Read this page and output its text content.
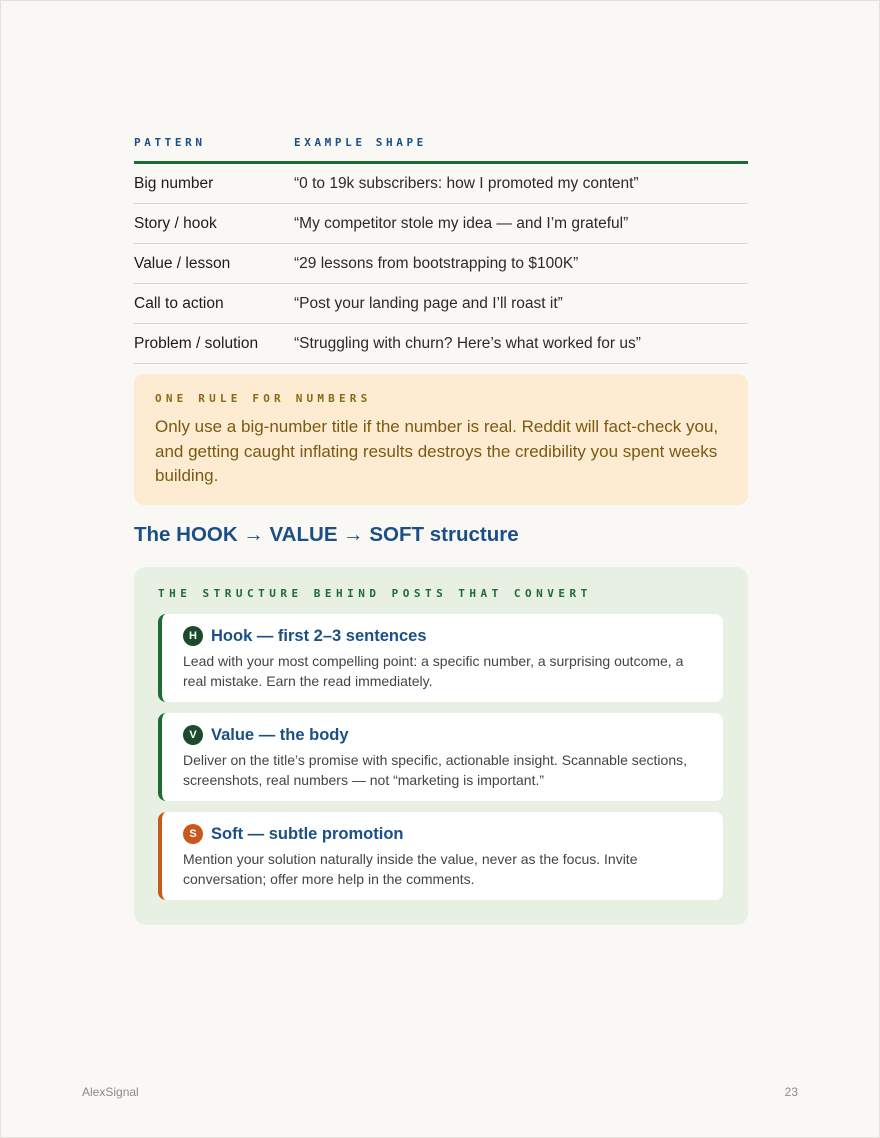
PATTERN	EXAMPLE SHAPE
Big number	“0 to 19k subscribers: how I promoted my content”
Story / hook	“My competitor stole my idea — and I’m grateful”
Value / lesson	“29 lessons from bootstrapping to $100K”
Call to action	“Post your landing page and I’ll roast it”
Problem / solution	“Struggling with churn? Here’s what worked for us”
ONE RULE FOR NUMBERS
Only use a big-number title if the number is real. Reddit will fact-check you, and getting caught inflating results destroys the credibility you spent weeks building.
The HOOK → VALUE → SOFT structure
THE STRUCTURE BEHIND POSTS THAT CONVERT
H Hook — first 2–3 sentences
Lead with your most compelling point: a specific number, a surprising outcome, a real mistake. Earn the read immediately.
V Value — the body
Deliver on the title’s promise with specific, actionable insight. Scannable sections, screenshots, real numbers — not “marketing is important.”
S Soft — subtle promotion
Mention your solution naturally inside the value, never as the focus. Invite conversation; offer more help in the comments.
AlexSignal	23
